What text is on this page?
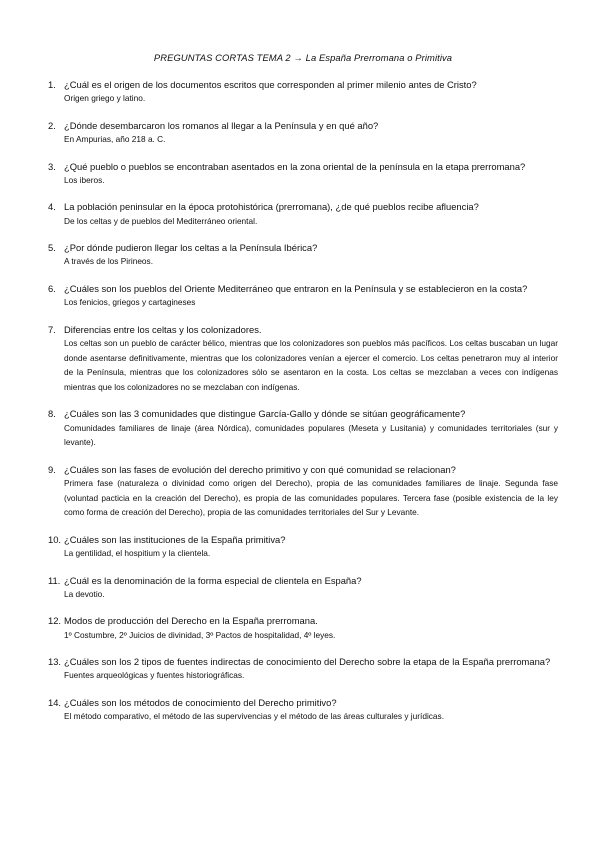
PREGUNTAS CORTAS TEMA 2 → La España Prerromana o Primitiva
1. ¿Cuál es el origen de los documentos escritos que corresponden al primer milenio antes de Cristo?
Origen griego y latino.
2. ¿Dónde desembarcaron los romanos al llegar a la Península y en qué año?
En Ampurias, año 218 a. C.
3. ¿Qué pueblo o pueblos se encontraban asentados en la zona oriental de la península en la etapa prerromana?
Los iberos.
4. La población peninsular en la época protohistórica (prerromana), ¿de qué pueblos recibe afluencia?
De los celtas y de pueblos del Mediterráneo oriental.
5. ¿Por dónde pudieron llegar los celtas a la Península Ibérica?
A través de los Pirineos.
6. ¿Cuáles son los pueblos del Oriente Mediterráneo que entraron en la Península y se establecieron en la costa?
Los fenicios, griegos y cartagineses
7. Diferencias entre los celtas y los colonizadores.
Los celtas son un pueblo de carácter bélico, mientras que los colonizadores son pueblos más pacíficos. Los celtas buscaban un lugar donde asentarse definitivamente, mientras que los colonizadores venían a ejercer el comercio. Los celtas penetraron muy al interior de la Península, mientras que los colonizadores sólo se asentaron en la costa. Los celtas se mezclaban a veces con indígenas mientras que los colonizadores no se mezclaban con indígenas.
8. ¿Cuáles son las 3 comunidades que distingue García-Gallo y dónde se sitúan geográficamente?
Comunidades familiares de linaje (área Nórdica), comunidades populares (Meseta y Lusitania) y comunidades territoriales (sur y levante).
9. ¿Cuáles son las fases de evolución del derecho primitivo y con qué comunidad se relacionan?
Primera fase (naturaleza o divinidad como origen del Derecho), propia de las comunidades familiares de linaje. Segunda fase (voluntad pacticia en la creación del Derecho), es propia de las comunidades populares. Tercera fase (posible existencia de la ley como forma de creación del Derecho), propia de las comunidades territoriales del Sur y Levante.
10. ¿Cuáles son las instituciones de la España primitiva?
La gentilidad, el hospitium y la clientela.
11. ¿Cuál es la denominación de la forma especial de clientela en España?
La devotio.
12. Modos de producción del Derecho en la España prerromana.
1º Costumbre, 2º Juicios de divinidad, 3º Pactos de hospitalidad, 4º leyes.
13. ¿Cuáles son los 2 tipos de fuentes indirectas de conocimiento del Derecho sobre la etapa de la España prerromana?
Fuentes arqueológicas y fuentes historiográficas.
14. ¿Cuáles son los métodos de conocimiento del Derecho primitivo?
El método comparativo, el método de las supervivencias y el método de las áreas culturales y jurídicas.
